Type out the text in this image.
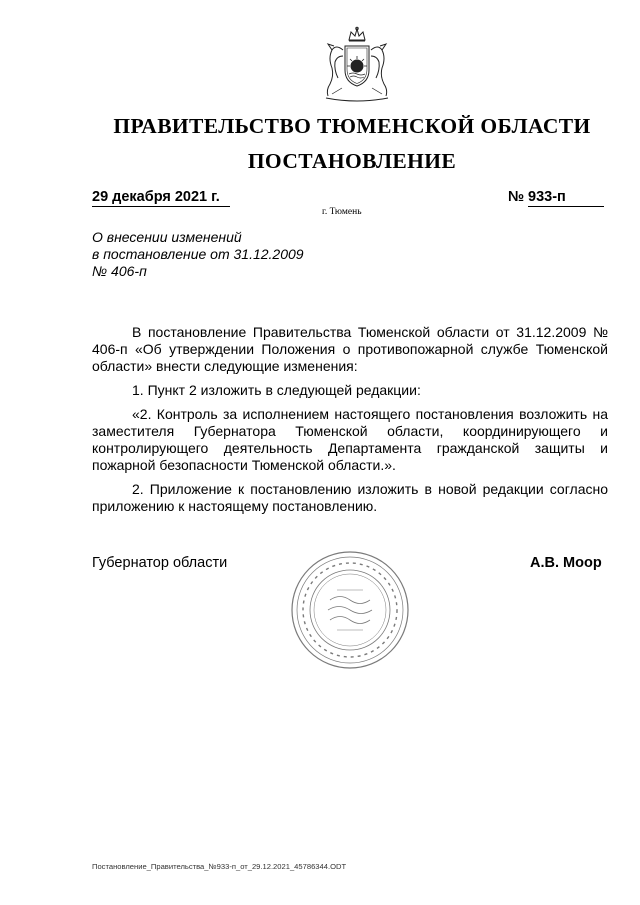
ПРАВИТЕЛЬСТВО ТЮМЕНСКОЙ ОБЛАСТИ
ПОСТАНОВЛЕНИЕ
29 декабря 2021 г.	№ 933-п
г. Тюмень
О внесении изменений
в постановление от 31.12.2009
№ 406-п

В постановление Правительства Тюменской области от 31.12.2009 № 406-п «Об утверждении Положения о противопожарной службе Тюменской области» внести следующие изменения:

1. Пункт 2 изложить в следующей редакции:

«2. Контроль за исполнением настоящего постановления возложить на заместителя Губернатора Тюменской области, координирующего и контролирующего деятельность Департамента гражданской защиты и пожарной безопасности Тюменской области.».

2. Приложение к постановлению изложить в новой редакции согласно приложению к настоящему постановлению.

Губернатор области	А.В. Моор
Постановление_Правительства_№933-п_от_29.12.2021_45786344.ODT
